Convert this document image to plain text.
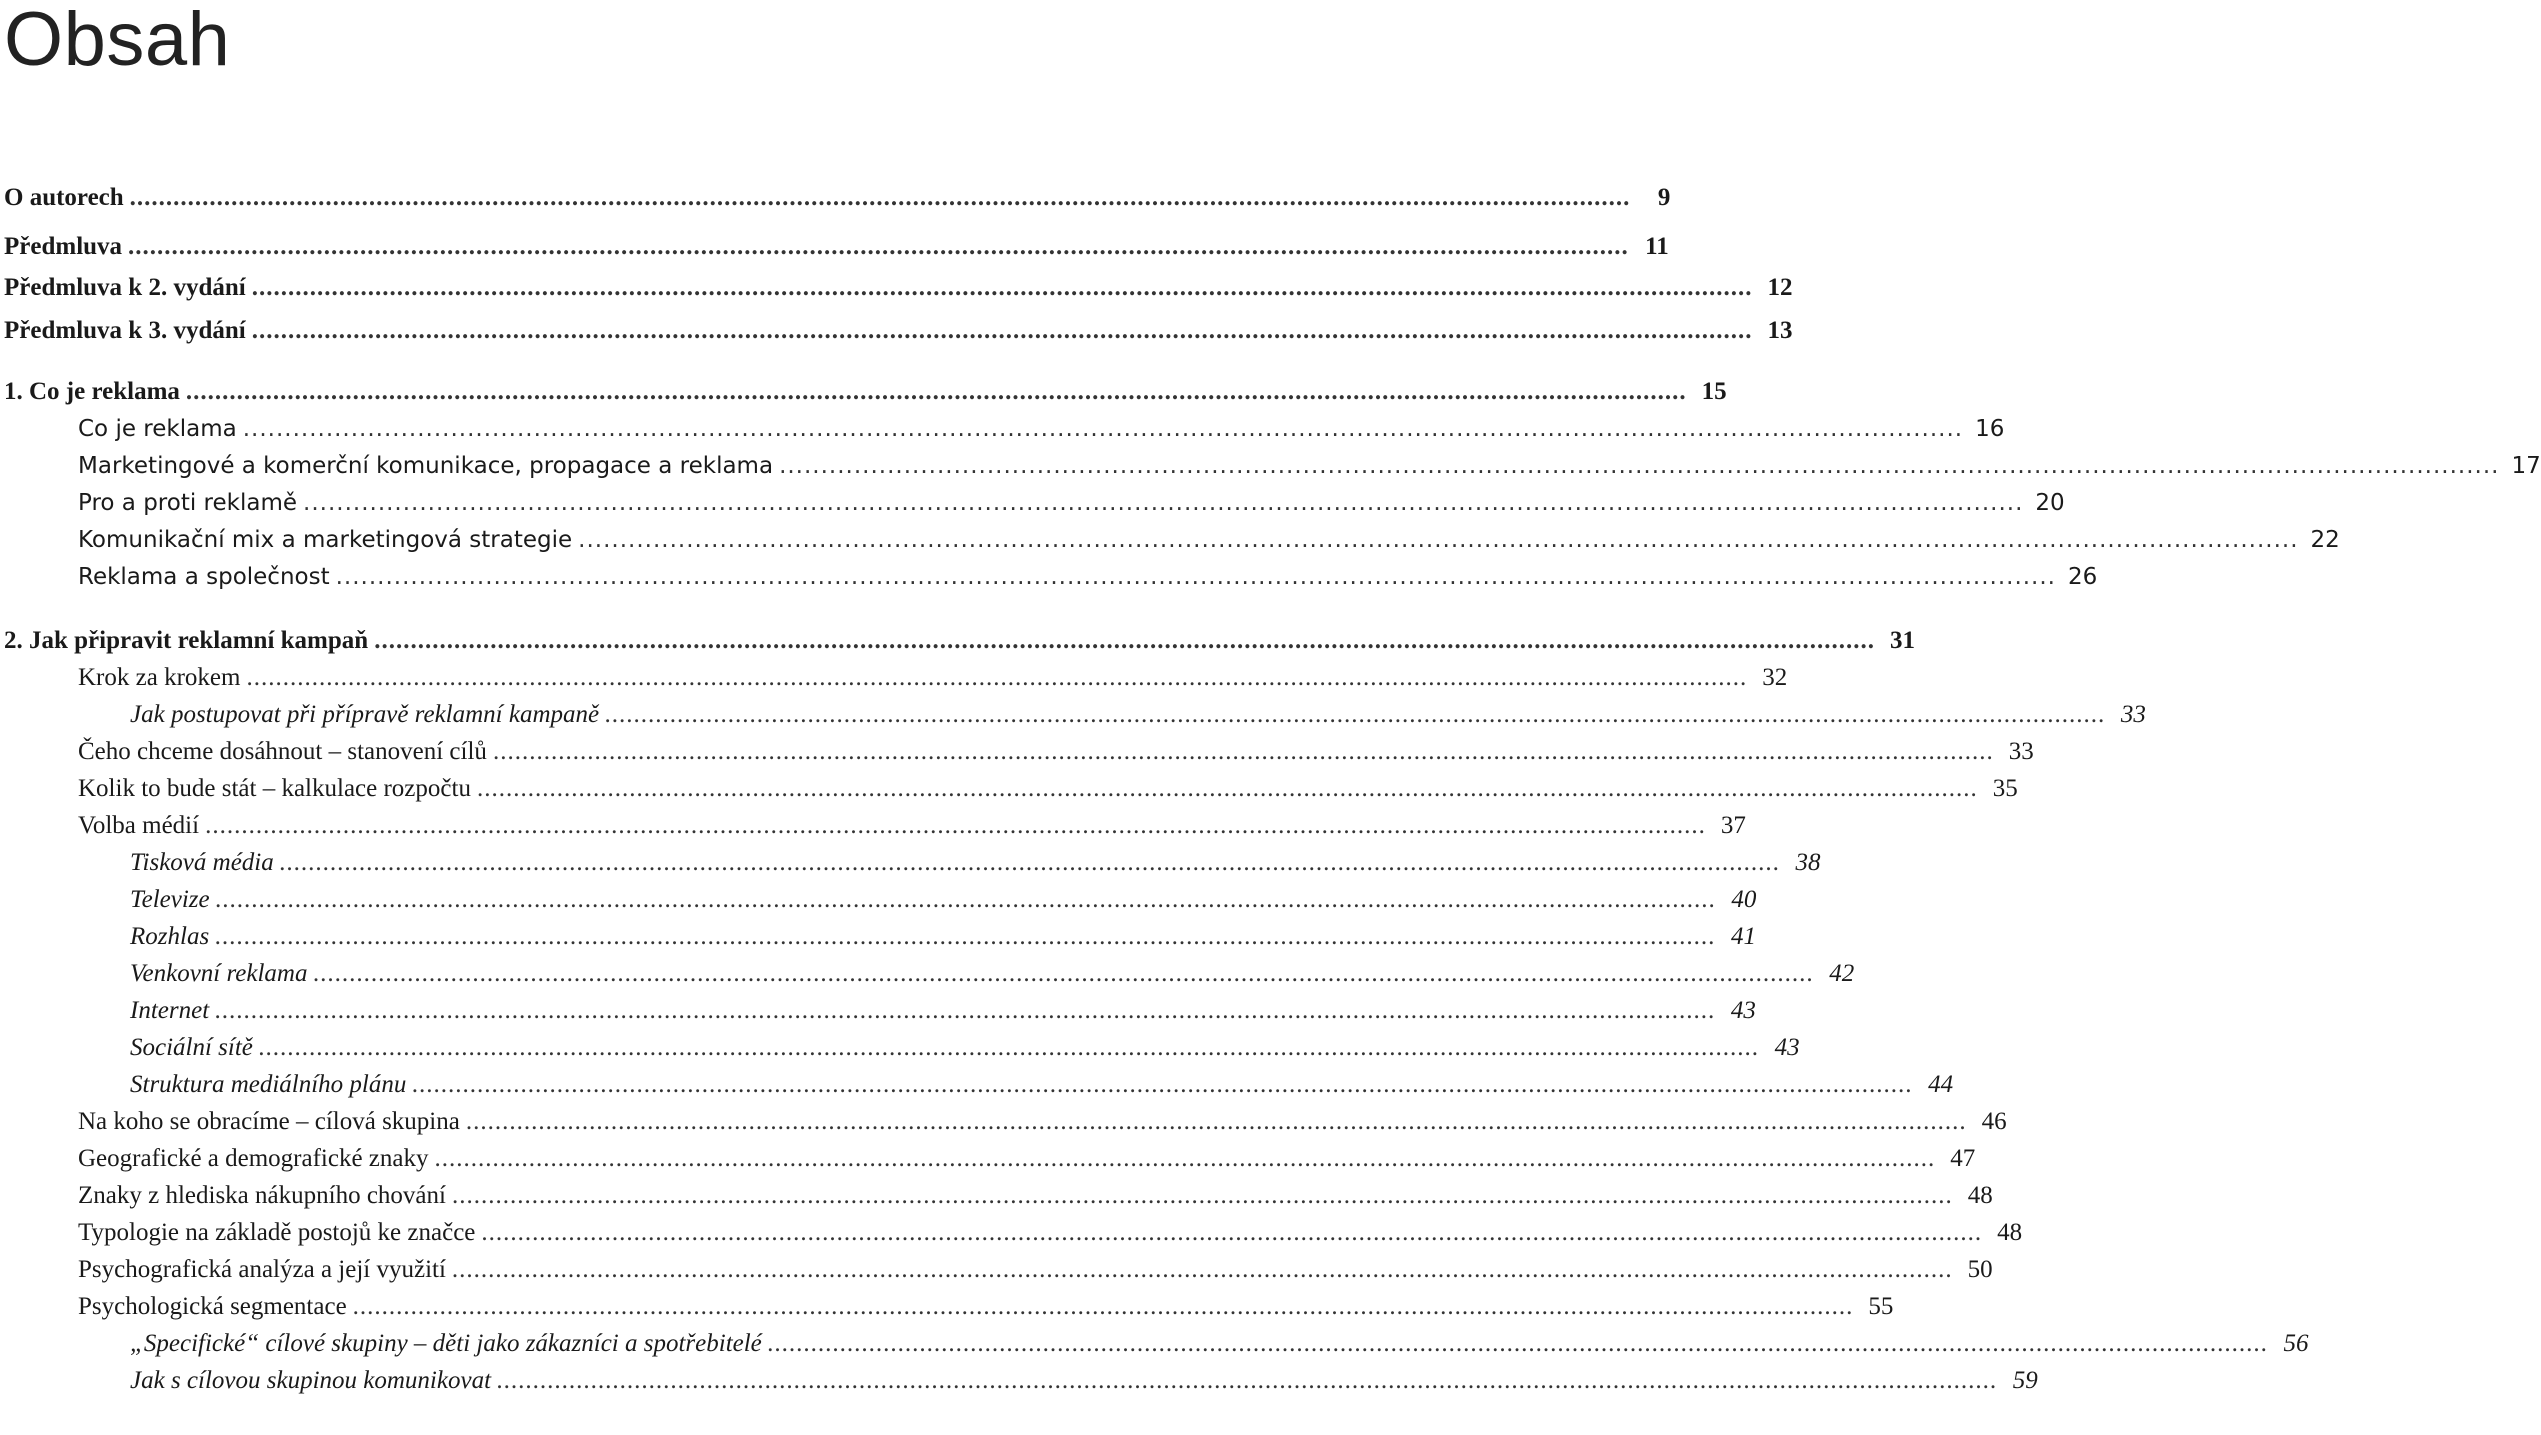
Obsah
O autorech .....	9
Předmluva .....	11
Předmluva k 2. vydání .....	12
Předmluva k 3. vydání .....	13
1. Co je reklama .....	15
Co je reklama .....	16
Marketingové a komerční komunikace, propagace a reklama .....	17
Pro a proti reklamě .....	20
Komunikační mix a marketingová strategie .....	22
Reklama a společnost .....	26
2. Jak připravit reklamní kampaň .....	31
Krok za krokem .....	32
Jak postupovat při přípravě reklamní kampaně .....	33
Čeho chceme dosáhnout – stanovení cílů .....	33
Kolik to bude stát – kalkulace rozpočtu .....	35
Volba médií .....	37
Tisková média .....	38
Televize .....	40
Rozhlas .....	41
Venkovní reklama .....	42
Internet .....	43
Sociální sítě .....	43
Struktura mediálního plánu .....	44
Na koho se obracíme – cílová skupina .....	46
Geografické a demografické znaky .....	47
Znaky z hlediska nákupního chování .....	48
Typologie na základě postojů ke značce .....	48
Psychografická analýza a její využití .....	50
Psychologická segmentace .....	55
„Specifické“ cílové skupiny – děti jako zákazníci a spotřebitelé .....	56
Jak s cílovou skupinou komunikovat .....	59
